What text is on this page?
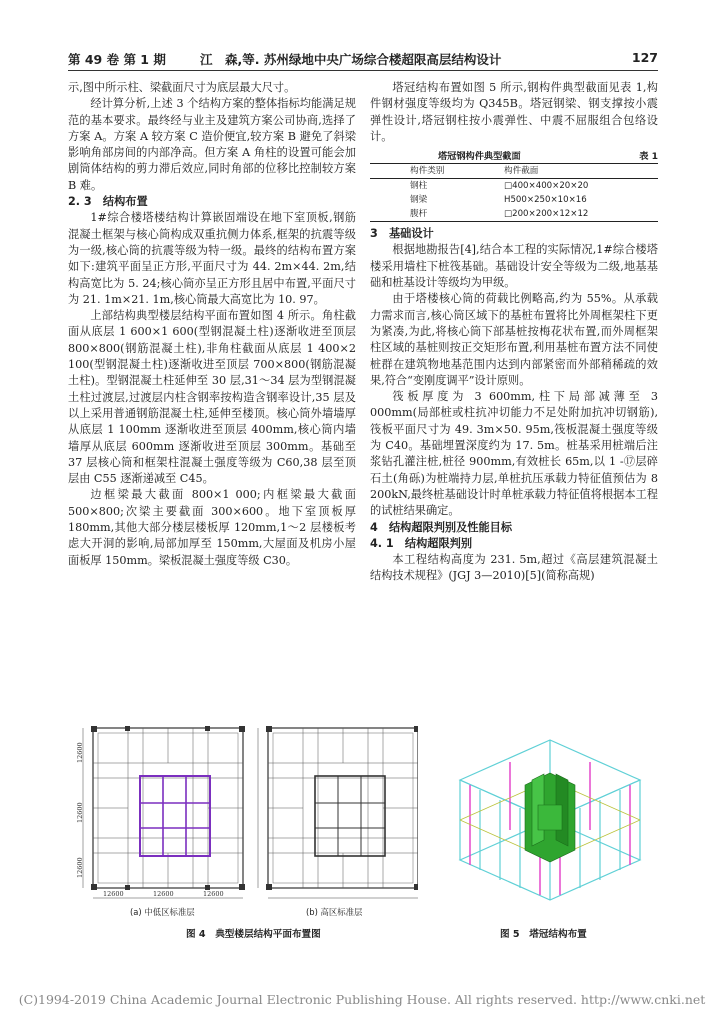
第 49 卷 第 1 期	江　森,等. 苏州绿地中央广场综合楼超限高层结构设计	127

示,图中所示柱、梁截面尺寸为底层最大尺寸。

经计算分析,上述 3 个结构方案的整体指标均能满足规范的基本要求。最终经与业主及建筑方案公司协商,选择了方案 A。方案 A 较方案 C 造价便宜,较方案 B 避免了斜梁影响角部房间的内部净高。但方案 A 角柱的设置可能会加剧筒体结构的剪力滞后效应,同时角部的位移比控制较方案 B 难。

2. 3　结构布置

1#综合楼塔楼结构计算嵌固端设在地下室顶板,钢筋混凝土框架与核心筒构成双重抗侧力体系,框架的抗震等级为一级,核心筒的抗震等级为特一级。最终的结构布置方案如下:建筑平面呈正方形,平面尺寸为 44. 2m×44. 2m,结构高宽比为 5. 24;核心筒亦呈正方形且居中布置,平面尺寸为 21. 1m×21. 1m,核心筒最大高宽比为 10. 97。

上部结构典型楼层结构平面布置如图 4 所示。角柱截面从底层 1 600×1 600(型钢混凝土柱)逐渐收进至顶层 800×800(钢筋混凝土柱),非角柱截面从底层 1 400×2 100(型钢混凝土柱)逐渐收进至顶层 700×800(钢筋混凝土柱)。型钢混凝土柱延伸至 30 层,31～34 层为型钢混凝土柱过渡层,过渡层内柱含钢率按构造含钢率设计,35 层及以上采用普通钢筋混凝土柱,延伸至楼顶。核心筒外墙墙厚从底层 1 100mm 逐渐收进至顶层 400mm,核心筒内墙墙厚从底层 600mm 逐渐收进至顶层 300mm。基础至 37 层核心筒和框架柱混凝土强度等级为 C60,38 层至顶层由 C55 逐渐递减至 C45。

边框梁最大截面 800×1 000;内框梁最大截面 500×800;次梁主要截面 300×600。地下室顶板厚 180mm,其他大部分楼层楼板厚 120mm,1～2 层楼板考虑大开洞的影响,局部加厚至 150mm,大屋面及机房小屋面板厚 150mm。梁板混凝土强度等级 C30。

塔冠结构布置如图 5 所示,钢构件典型截面见表 1,构件钢材强度等级均为 Q345B。塔冠钢梁、钢支撑按小震弹性设计,塔冠钢柱按小震弹性、中震不屈服组合包络设计。

塔冠钢构件典型截面	表 1
构件类别	构件截面
钢柱	□400×400×20×20
钢梁	H500×250×10×16
腹杆	□200×200×12×12

3　基础设计

根据地勘报告[4],结合本工程的实际情况,1#综合楼塔楼采用墙柱下桩筏基础。基础设计安全等级为二级,地基基础和桩基设计等级均为甲级。

由于塔楼核心筒的荷载比例略高,约为 55%。从承载力需求而言,核心筒区域下的基桩布置将比外周框架柱下更为紧凑,为此,将核心筒下部基桩按梅花状布置,而外周框架柱区域的基桩则按正交矩形布置,利用基桩布置方法不同使桩群在建筑物地基范围内达到内部紧密而外部稍稀疏的效果,符合“变刚度调平”设计原则。

筏板厚度为 3 600mm,柱下局部减薄至 3 000mm(局部桩或柱抗冲切能力不足处附加抗冲切钢筋),筏板平面尺寸为 49. 3m×50. 95m,筏板混凝土强度等级为 C40。基础埋置深度约为 17. 5m。桩基采用桩端后注浆钻孔灌注桩,桩径 900mm,有效桩长 65m,以 1 -⑰层碎石土(角砾)为桩端持力层,单桩抗压承载力特征值预估为 8 200kN,最终桩基础设计时单桩承载力特征值将根据本工程的试桩结果确定。

4　结构超限判别及性能目标

4. 1　结构超限判别

本工程结构高度为 231. 5m,超过《高层建筑混凝土结构技术规程》(JGJ 3—2010)[5](简称高规)

12600	12600	12600
12600
12600
12600
(a) 中低区标准层	(b) 高区标准层
图 4　典型楼层结构平面布置图	图 5　塔冠结构布置
(C)1994-2019 China Academic Journal Electronic Publishing House. All rights reserved. http://www.cnki.net
